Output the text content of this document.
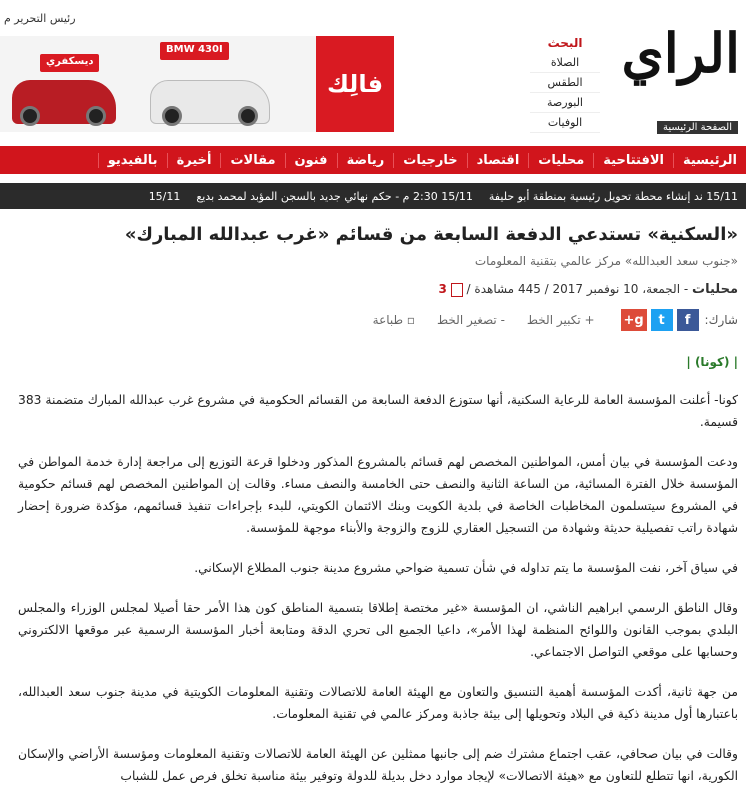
رئيس التحرير م
الراي
الصفحة الرئيسية
البحث
الصلاة
الطقس
البورصة
الوفيات
فالِك
BMW 430I
ديسكفري
الرئيسية
الافتتاحية
محليات
اقتصاد
خارجيات
رياضة
فنون
مقالات
أخيرة
بالفيديو
15/11 ند إنشاء محطة تحويل رئيسية بمنطقة أبو حليفة
15/11 2:30 م - حكم نهائي جديد بالسجن المؤبد لمحمد بديع
15/11
«السكنية» تستدعي الدفعة السابعة من قسائم «غرب عبدالله المبارك»
«جنوب سعد العبدالله» مركز عالمي بتقنية المعلومات
محليات - الجمعة، 10 نوفمبر 2017 / 445 مشاهدة /  3
شارك:
f
t
g+
+ تكبير الخط
- تصغير الخط
▫ طباعة
| (كونا) |

كونا- أعلنت المؤسسة العامة للرعاية السكنية، أنها ستوزع الدفعة السابعة من القسائم الحكومية في مشروع غرب عبدالله المبارك متضمنة 383 قسيمة.

ودعت المؤسسة في بيان أمس، المواطنين المخصص لهم قسائم بالمشروع المذكور ودخلوا قرعة التوزيع إلى مراجعة إدارة خدمة المواطن في المؤسسة خلال الفترة المسائية، من الساعة الثانية والنصف حتى الخامسة والنصف مساء. وقالت إن المواطنين المخصص لهم قسائم حكومية في المشروع سيتسلمون المخاطبات الخاصة في بلدية الكويت وبنك الائتمان الكويتي، للبدء بإجراءات تنفيذ قسائمهم، مؤكدة ضرورة إحضار شهادة راتب تفصيلية حديثة وشهادة من التسجيل العقاري للزوج والزوجة والأبناء موجهة للمؤسسة.

في سياق آخر، نفت المؤسسة ما يتم تداوله في شأن تسمية ضواحي مشروع مدينة جنوب المطلاع الإسكاني.

وقال الناطق الرسمي ابراهيم الناشي، ان المؤسسة «غير مختصة إطلاقا بتسمية المناطق كون هذا الأمر حقا أصيلا لمجلس الوزراء والمجلس البلدي بموجب القانون واللوائح المنظمة لهذا الأمر»، داعيا الجميع الى تحري الدقة ومتابعة أخبار المؤسسة الرسمية عبر موقعها الالكتروني وحسابها على موقعي التواصل الاجتماعي.

من جهة ثانية، أكدت المؤسسة أهمية التنسيق والتعاون مع الهيئة العامة للاتصالات وتقنية المعلومات الكويتية في مدينة جنوب سعد العبدالله، باعتبارها أول مدينة ذكية في البلاد وتحويلها إلى بيئة جاذبة ومركز عالمي في تقنية المعلومات.

وقالت في بيان صحافي، عقب اجتماع مشترك ضم إلى جانبها ممثلين عن الهيئة العامة للاتصالات وتقنية المعلومات ومؤسسة الأراضي والإسكان الكورية، انها تتطلع للتعاون مع «هيئة الاتصالات» لإيجاد موارد دخل بديلة للدولة وتوفير بيئة مناسبة تخلق فرص عمل للشباب
